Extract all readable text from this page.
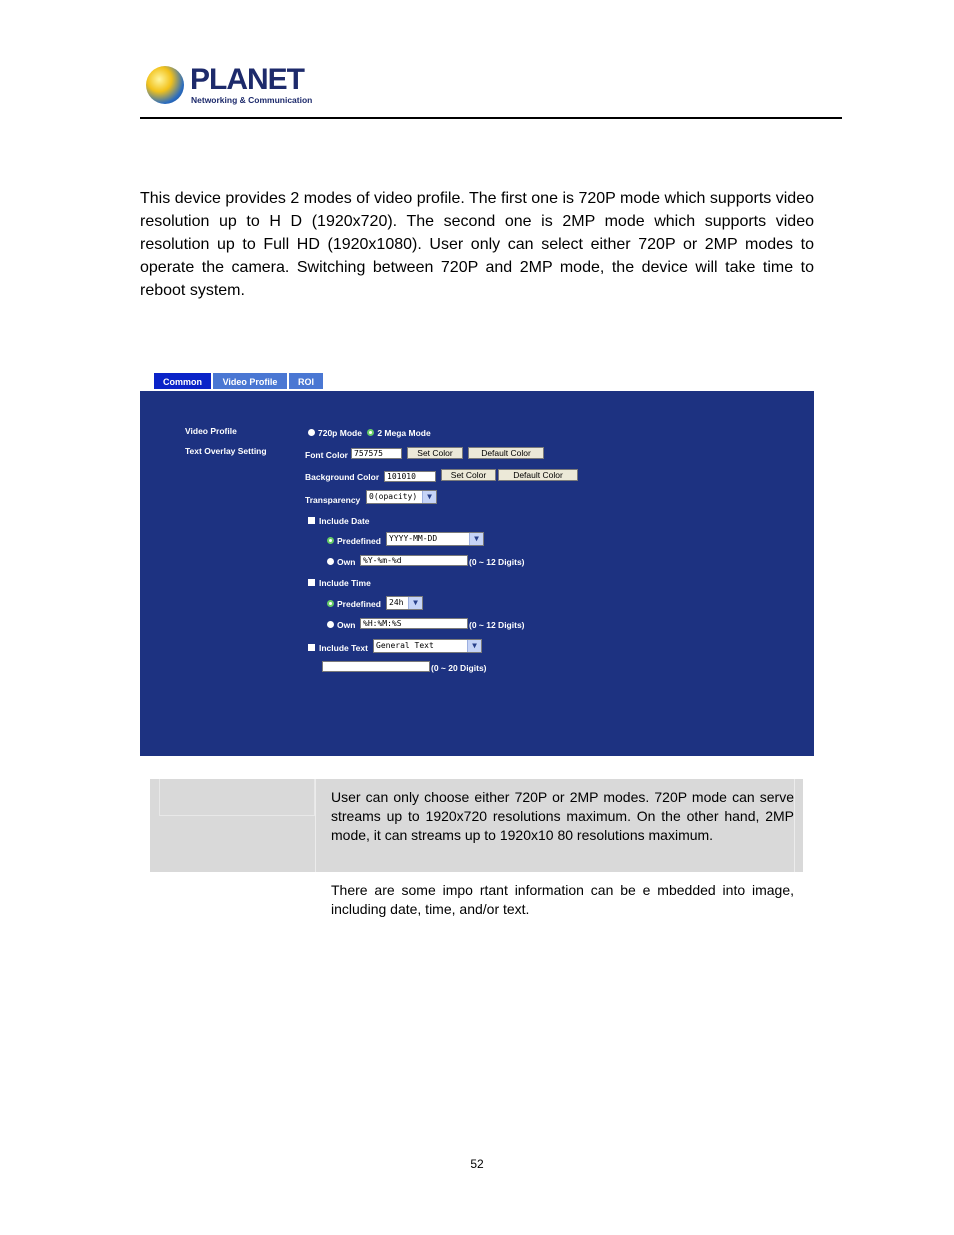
PLANET
Networking & Communication
This device provides 2 modes of video profile. The first one is 720P mode which supports video resolution up to H D (1920x720). The second one is 2MP mode which supports video resolution up to Full HD (1920x1080). User only can select either 720P or 2MP modes to operate the camera. Switching between 720P and 2MP mode, the device will take time to reboot system.
Common	Video Profile	ROI
Video Profile
Text Overlay Setting
720p Mode 2 Mega Mode
Font Color 757575	Set Color	Default Color
Background Color 101010	Set Color	Default Color
Transparency	0(opacity)	▼
Include Date
Predefined	YYYY-MM-DD	▼
Own %Y-%m-%d	(0 ~ 12 Digits)
Include Time
Predefined	24h	▼
Own %H:%M:%S	(0 ~ 12 Digits)
Include Text	General Text	▼
(0 ~ 20 Digits)
User can only choose either 720P or 2MP modes. 720P mode can serve streams up to 1920x720 resolutions maximum. On the other hand, 2MP mode, it can streams up to 1920x10 80 resolutions maximum.
There are some impo rtant information can be e mbedded into image, including date, time, and/or text.
52
